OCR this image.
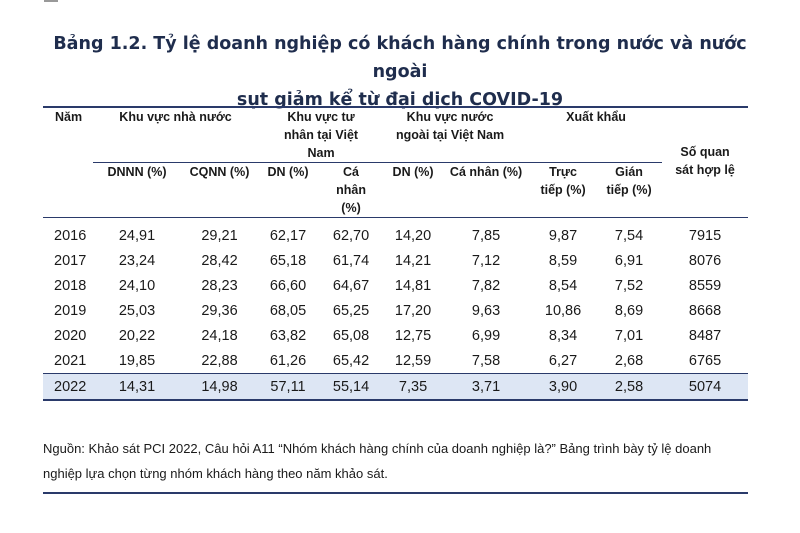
Bảng 1.2. Tỷ lệ doanh nghiệp có khách hàng chính trong nước và nước ngoài
sụt giảm kể từ đại dịch COVID-19
Năm	Khu vực nhà nước		Khu vực tư nhân tại Việt Nam		Khu vực nước ngoài tại Việt Nam		Xuất khẩu		Số quan sát hợp lệ
	DNNN (%)	CQNN (%)	DN (%)	Cá nhân (%)	DN (%)	Cá nhân (%)	Trực tiếp (%)	Gián tiếp (%)	
2016	24,91	29,21	62,17	62,70	14,20	7,85	9,87	7,54	7915
2017	23,24	28,42	65,18	61,74	14,21	7,12	8,59	6,91	8076
2018	24,10	28,23	66,60	64,67	14,81	7,82	8,54	7,52	8559
2019	25,03	29,36	68,05	65,25	17,20	9,63	10,86	8,69	8668
2020	20,22	24,18	63,82	65,08	12,75	6,99	8,34	7,01	8487
2021	19,85	22,88	61,26	65,42	12,59	7,58	6,27	2,68	6765
2022	14,31	14,98	57,11	55,14	7,35	3,71	3,90	2,58	5074
Nguồn: Khảo sát PCI 2022, Câu hỏi A11 “Nhóm khách hàng chính của doanh nghiệp là?” Bảng trình bày tỷ lệ doanh nghiệp lựa chọn từng nhóm khách hàng theo năm khảo sát.
